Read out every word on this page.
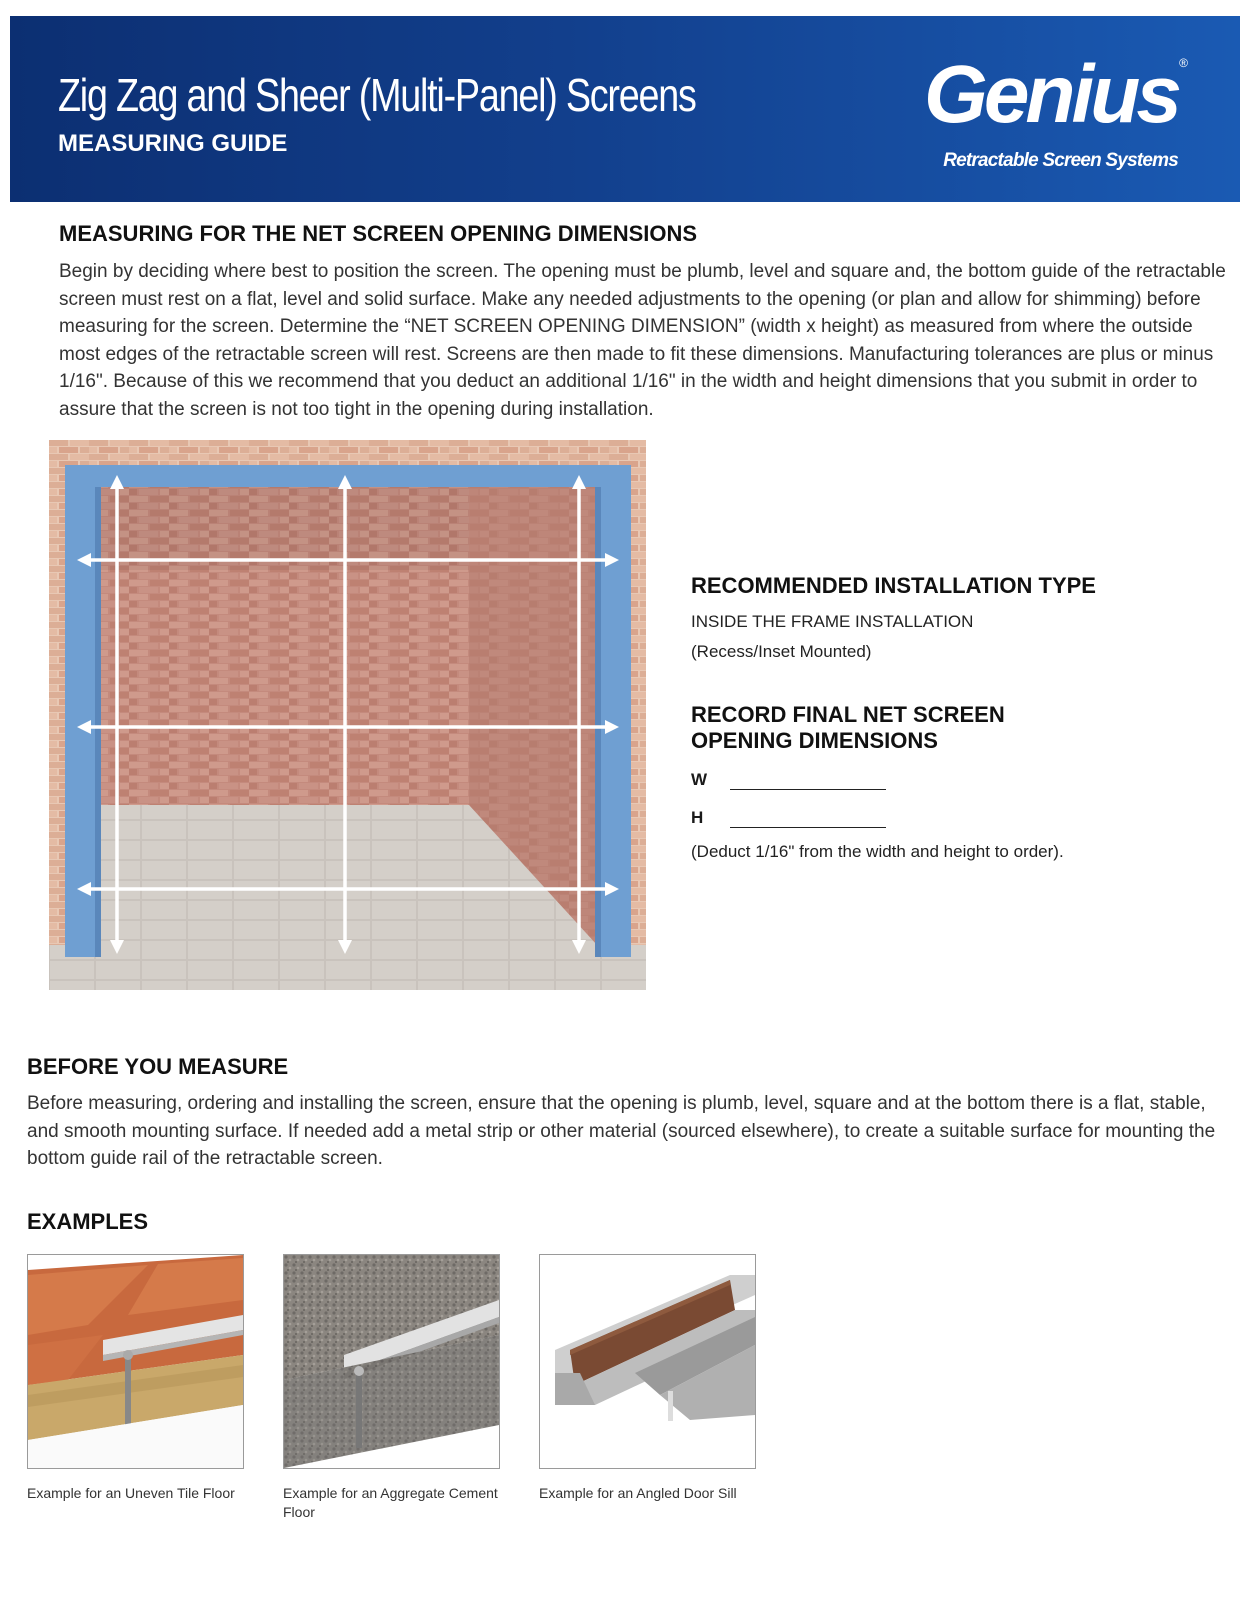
Zig Zag and Sheer (Multi-Panel) Screens
MEASURING GUIDE
Genius ®
Retractable Screen Systems
MEASURING FOR THE NET SCREEN OPENING DIMENSIONS

Begin by deciding where best to position the screen. The opening must be plumb, level and square and, the bottom guide of the retractable screen must rest on a flat, level and solid surface. Make any needed adjustments to the opening (or plan and allow for shimming) before measuring for the screen. Determine the “NET SCREEN OPENING DIMENSION” (width x height) as measured from where the outside most edges of the retractable screen will rest. Screens are then made to fit these dimensions. Manufacturing tolerances are plus or minus 1/16". Because of this we recommend that you deduct an additional 1/16" in the width and height dimensions that you submit in order to assure that the screen is not too tight in the opening during installation.

RECOMMENDED INSTALLATION TYPE
INSIDE THE FRAME INSTALLATION
(Recess/Inset Mounted)
RECORD FINAL NET SCREEN OPENING DIMENSIONS
W
H
(Deduct 1/16" from the width and height to order).
BEFORE YOU MEASURE

Before measuring, ordering and installing the screen, ensure that the opening is plumb, level, square and at the bottom there is a flat, stable, and smooth mounting surface. If needed add a metal strip or other material (sourced elsewhere), to create a suitable surface for mounting the bottom guide rail of the retractable screen.

EXAMPLES
Example for an Uneven Tile Floor	Example for an Aggregate Cement Floor
Example for an Angled Door Sill
